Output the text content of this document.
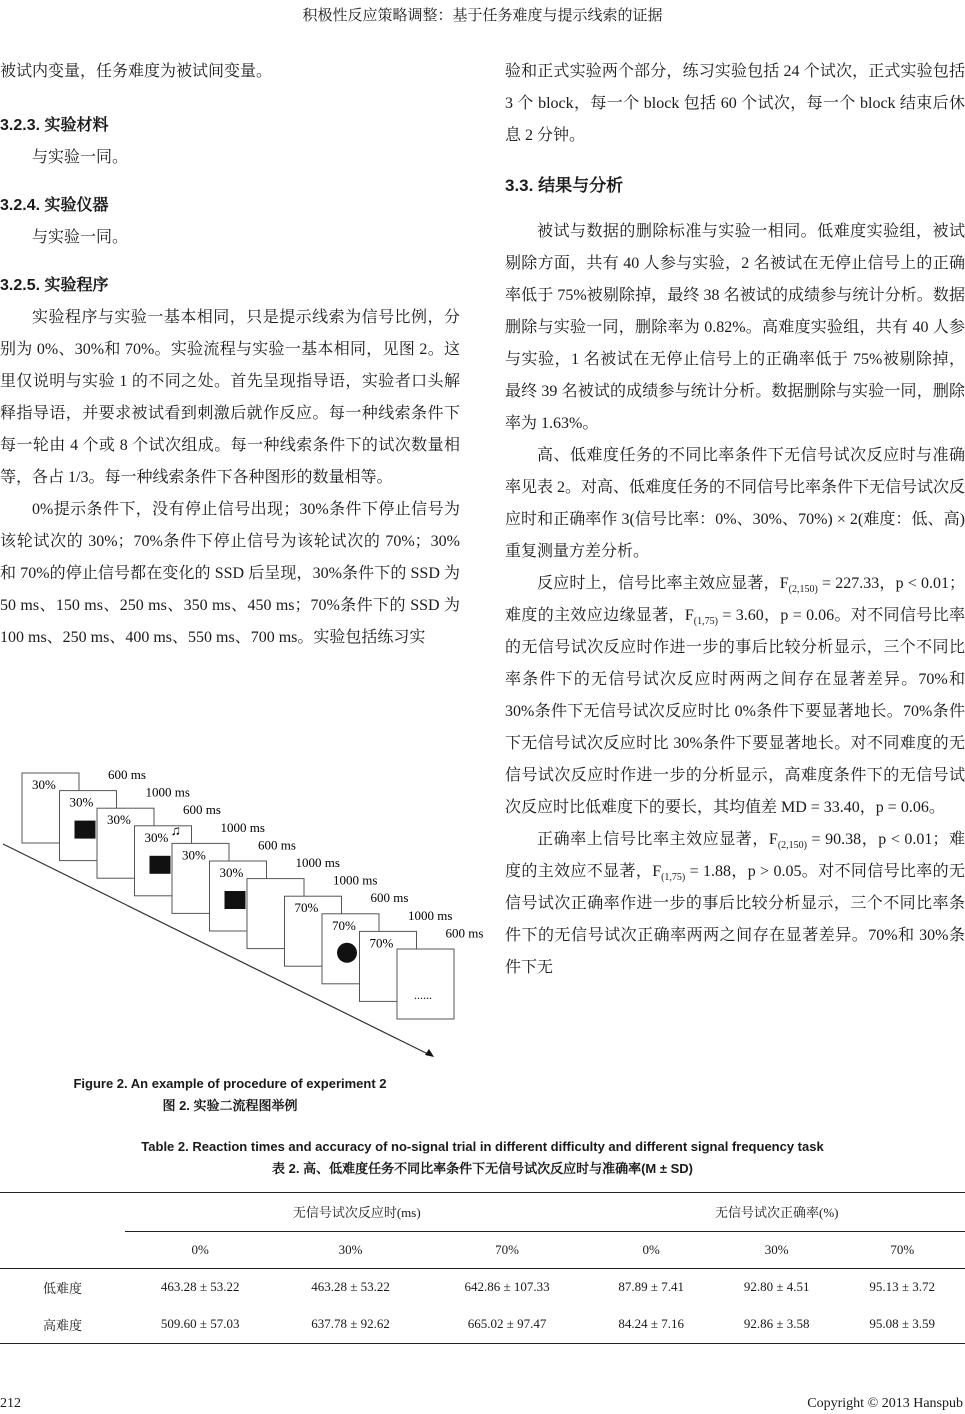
积极性反应策略调整：基于任务难度与提示线索的证据

被试内变量，任务难度为被试间变量。

3.2.3. 实验材料

与实验一同。

3.2.4. 实验仪器

与实验一同。

3.2.5. 实验程序

实验程序与实验一基本相同，只是提示线索为信号比例，分别为 0%、30%和 70%。实验流程与实验一基本相同，见图 2。这里仅说明与实验 1 的不同之处。首先呈现指导语，实验者口头解释指导语，并要求被试看到刺激后就作反应。每一种线索条件下每一轮由 4 个或 8 个试次组成。每一种线索条件下的试次数量相等，各占 1/3。每一种线索条件下各种图形的数量相等。

0%提示条件下，没有停止信号出现；30%条件下停止信号为该轮试次的 30%；70%条件下停止信号为该轮试次的 70%；30%和 70%的停止信号都在变化的 SSD 后呈现，30%条件下的 SSD 为 50 ms、150 ms、250 ms、350 ms、450 ms；70%条件下的 SSD 为 100 ms、250 ms、400 ms、550 ms、700 ms。实验包括练习实

30%
600 ms
30%
1000 ms
30%
600 ms
30%
1000 ms
♫
30%
600 ms
30%
1000 ms
1000 ms
70%
600 ms
70%
1000 ms
70%
600 ms
......
Figure 2. An example of procedure of experiment 2
图 2. 实验二流程图举例

验和正式实验两个部分，练习实验包括 24 个试次，正式实验包括 3 个 block，每一个 block 包括 60 个试次，每一个 block 结束后休息 2 分钟。

3.3. 结果与分析

被试与数据的删除标准与实验一相同。低难度实验组，被试剔除方面，共有 40 人参与实验，2 名被试在无停止信号上的正确率低于 75%被剔除掉，最终 38 名被试的成绩参与统计分析。数据删除与实验一同，删除率为 0.82%。高难度实验组，共有 40 人参与实验，1 名被试在无停止信号上的正确率低于 75%被剔除掉，最终 39 名被试的成绩参与统计分析。数据删除与实验一同，删除率为 1.63%。

高、低难度任务的不同比率条件下无信号试次反应时与准确率见表 2。对高、低难度任务的不同信号比率条件下无信号试次反应时和正确率作 3(信号比率：0%、30%、70%) × 2(难度：低、高)重复测量方差分析。

反应时上，信号比率主效应显著，$F_{(2,150)} = 227.33$，p < 0.01；难度的主效应边缘显著，$F_{(1,75)} = 3.60$，p = 0.06。对不同信号比率的无信号试次反应时作进一步的事后比较分析显示，三个不同比率条件下的无信号试次反应时两两之间存在显著差异。70%和 30%条件下无信号试次反应时比 0%条件下要显著地长。70%条件下无信号试次反应时比 30%条件下要显著地长。对不同难度的无信号试次反应时作进一步的分析显示，高难度条件下的无信号试次反应时比低难度下的要长，其均值差 MD = 33.40，p = 0.06。

正确率上信号比率主效应显著，$F_{(2,150)} = 90.38$，p < 0.01；难度的主效应不显著，$F_{(1,75)} = 1.88$，p > 0.05。对不同信号比率的无信号试次正确率作进一步的事后比较分析显示，三个不同比率条件下的无信号试次正确率两两之间存在显著差异。70%和 30%条件下无

Table 2. Reaction times and accuracy of no-signal trial in different difficulty and different signal frequency task
表 2. 高、低难度任务不同比率条件下无信号试次反应时与准确率(M ± SD)
	无信号试次反应时(ms)			无信号试次正确率(%)		
	0%	30%	70%	0%	30%	70%
低难度	463.28 ± 53.22	463.28 ± 53.22	642.86 ± 107.33	87.89 ± 7.41	92.80 ± 4.51	95.13 ± 3.72
高难度	509.60 ± 57.03	637.78 ± 92.62	665.02 ± 97.47	84.24 ± 7.16	92.86 ± 3.58	95.08 ± 3.59
212	Copyright © 2013 Hanspub
